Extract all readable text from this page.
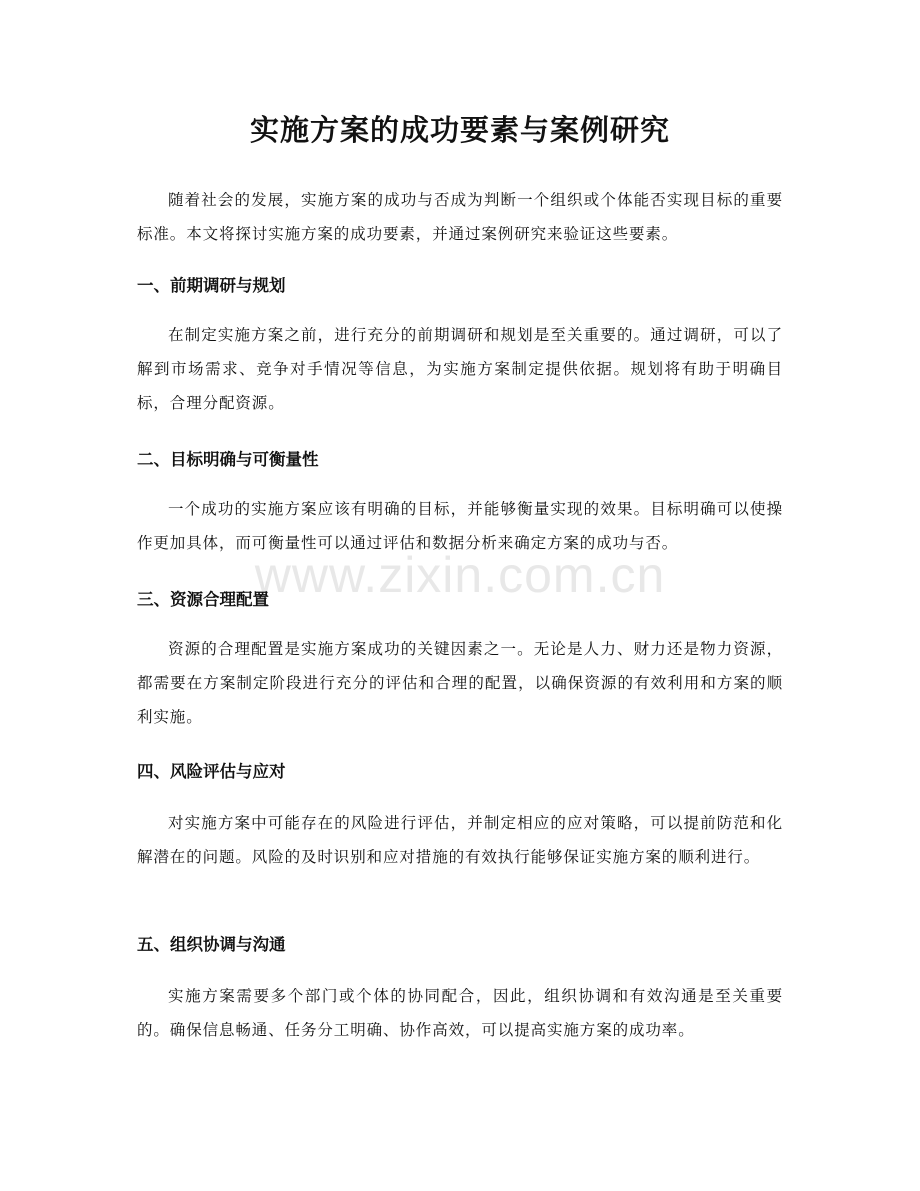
www.zixin.com.cn
实施方案的成功要素与案例研究

随着社会的发展，实施方案的成功与否成为判断一个组织或个体能否实现目标的重要标准。本文将探讨实施方案的成功要素，并通过案例研究来验证这些要素。

一、前期调研与规划

在制定实施方案之前，进行充分的前期调研和规划是至关重要的。通过调研，可以了解到市场需求、竞争对手情况等信息，为实施方案制定提供依据。规划将有助于明确目标，合理分配资源。

二、目标明确与可衡量性

一个成功的实施方案应该有明确的目标，并能够衡量实现的效果。目标明确可以使操作更加具体，而可衡量性可以通过评估和数据分析来确定方案的成功与否。

三、资源合理配置

资源的合理配置是实施方案成功的关键因素之一。无论是人力、财力还是物力资源，都需要在方案制定阶段进行充分的评估和合理的配置，以确保资源的有效利用和方案的顺利实施。

四、风险评估与应对

对实施方案中可能存在的风险进行评估，并制定相应的应对策略，可以提前防范和化解潜在的问题。风险的及时识别和应对措施的有效执行能够保证实施方案的顺利进行。

五、组织协调与沟通

实施方案需要多个部门或个体的协同配合，因此，组织协调和有效沟通是至关重要的。确保信息畅通、任务分工明确、协作高效，可以提高实施方案的成功率。
